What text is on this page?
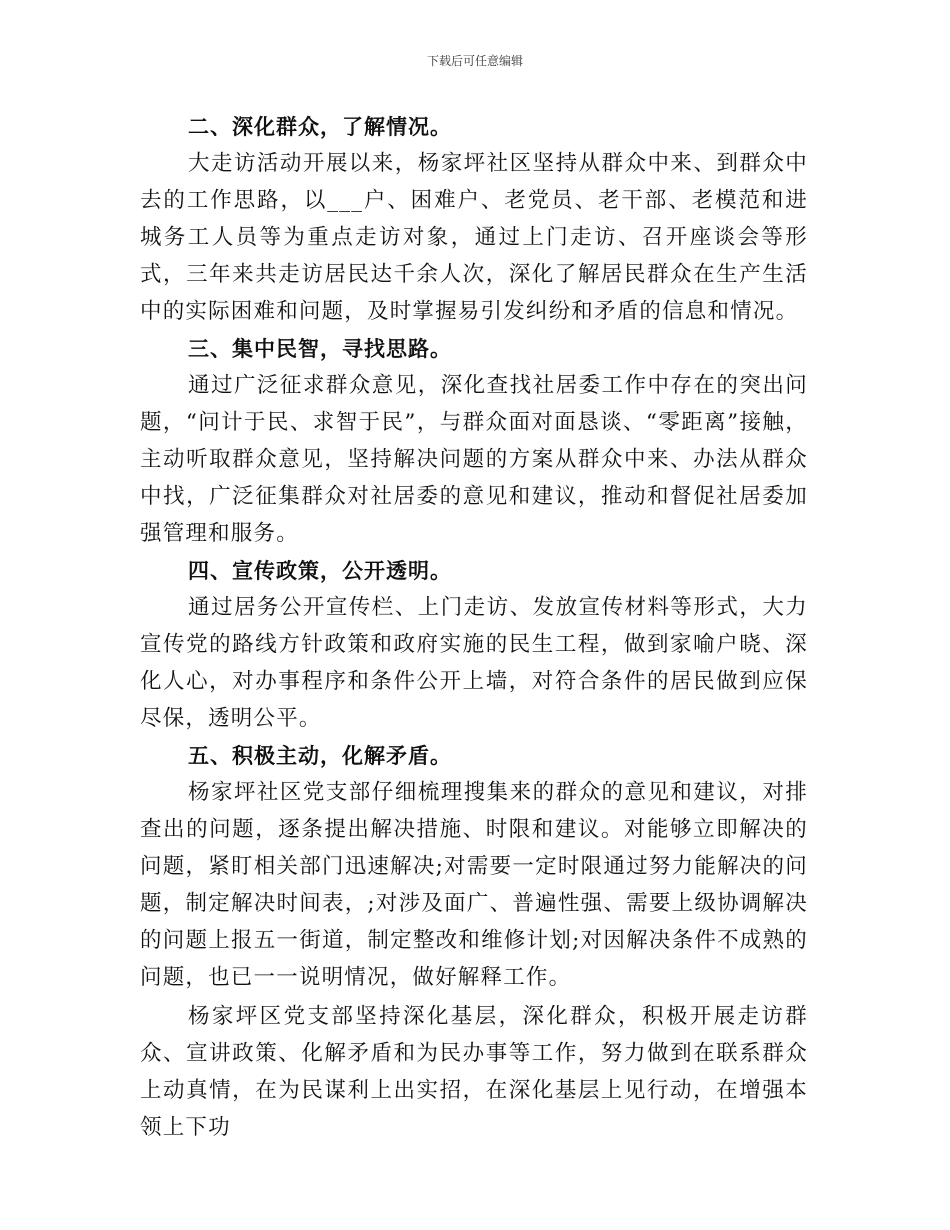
下载后可任意编辑

二、深化群众，了解情况。

大走访活动开展以来，杨家坪社区坚持从群众中来、到群众中去的工作思路，以___户、困难户、老党员、老干部、老模范和进城务工人员等为重点走访对象，通过上门走访、召开座谈会等形式，三年来共走访居民达千余人次，深化了解居民群众在生产生活中的实际困难和问题，及时掌握易引发纠纷和矛盾的信息和情况。

三、集中民智，寻找思路。

通过广泛征求群众意见，深化查找社居委工作中存在的突出问题，“问计于民、求智于民”，与群众面对面恳谈、“零距离”接触，主动听取群众意见，坚持解决问题的方案从群众中来、办法从群众中找，广泛征集群众对社居委的意见和建议，推动和督促社居委加强管理和服务。

四、宣传政策，公开透明。

通过居务公开宣传栏、上门走访、发放宣传材料等形式，大力宣传党的路线方针政策和政府实施的民生工程，做到家喻户晓、深化人心，对办事程序和条件公开上墙，对符合条件的居民做到应保尽保，透明公平。

五、积极主动，化解矛盾。

杨家坪社区党支部仔细梳理搜集来的群众的意见和建议，对排查出的问题，逐条提出解决措施、时限和建议。对能够立即解决的问题，紧盯相关部门迅速解决;对需要一定时限通过努力能解决的问题，制定解决时间表，;对涉及面广、普遍性强、需要上级协调解决的问题上报五一街道，制定整改和维修计划;对因解决条件不成熟的问题，也已一一说明情况，做好解释工作。

杨家坪区党支部坚持深化基层，深化群众，积极开展走访群众、宣讲政策、化解矛盾和为民办事等工作，努力做到在联系群众上动真情，在为民谋利上出实招，在深化基层上见行动，在增强本领上下功
